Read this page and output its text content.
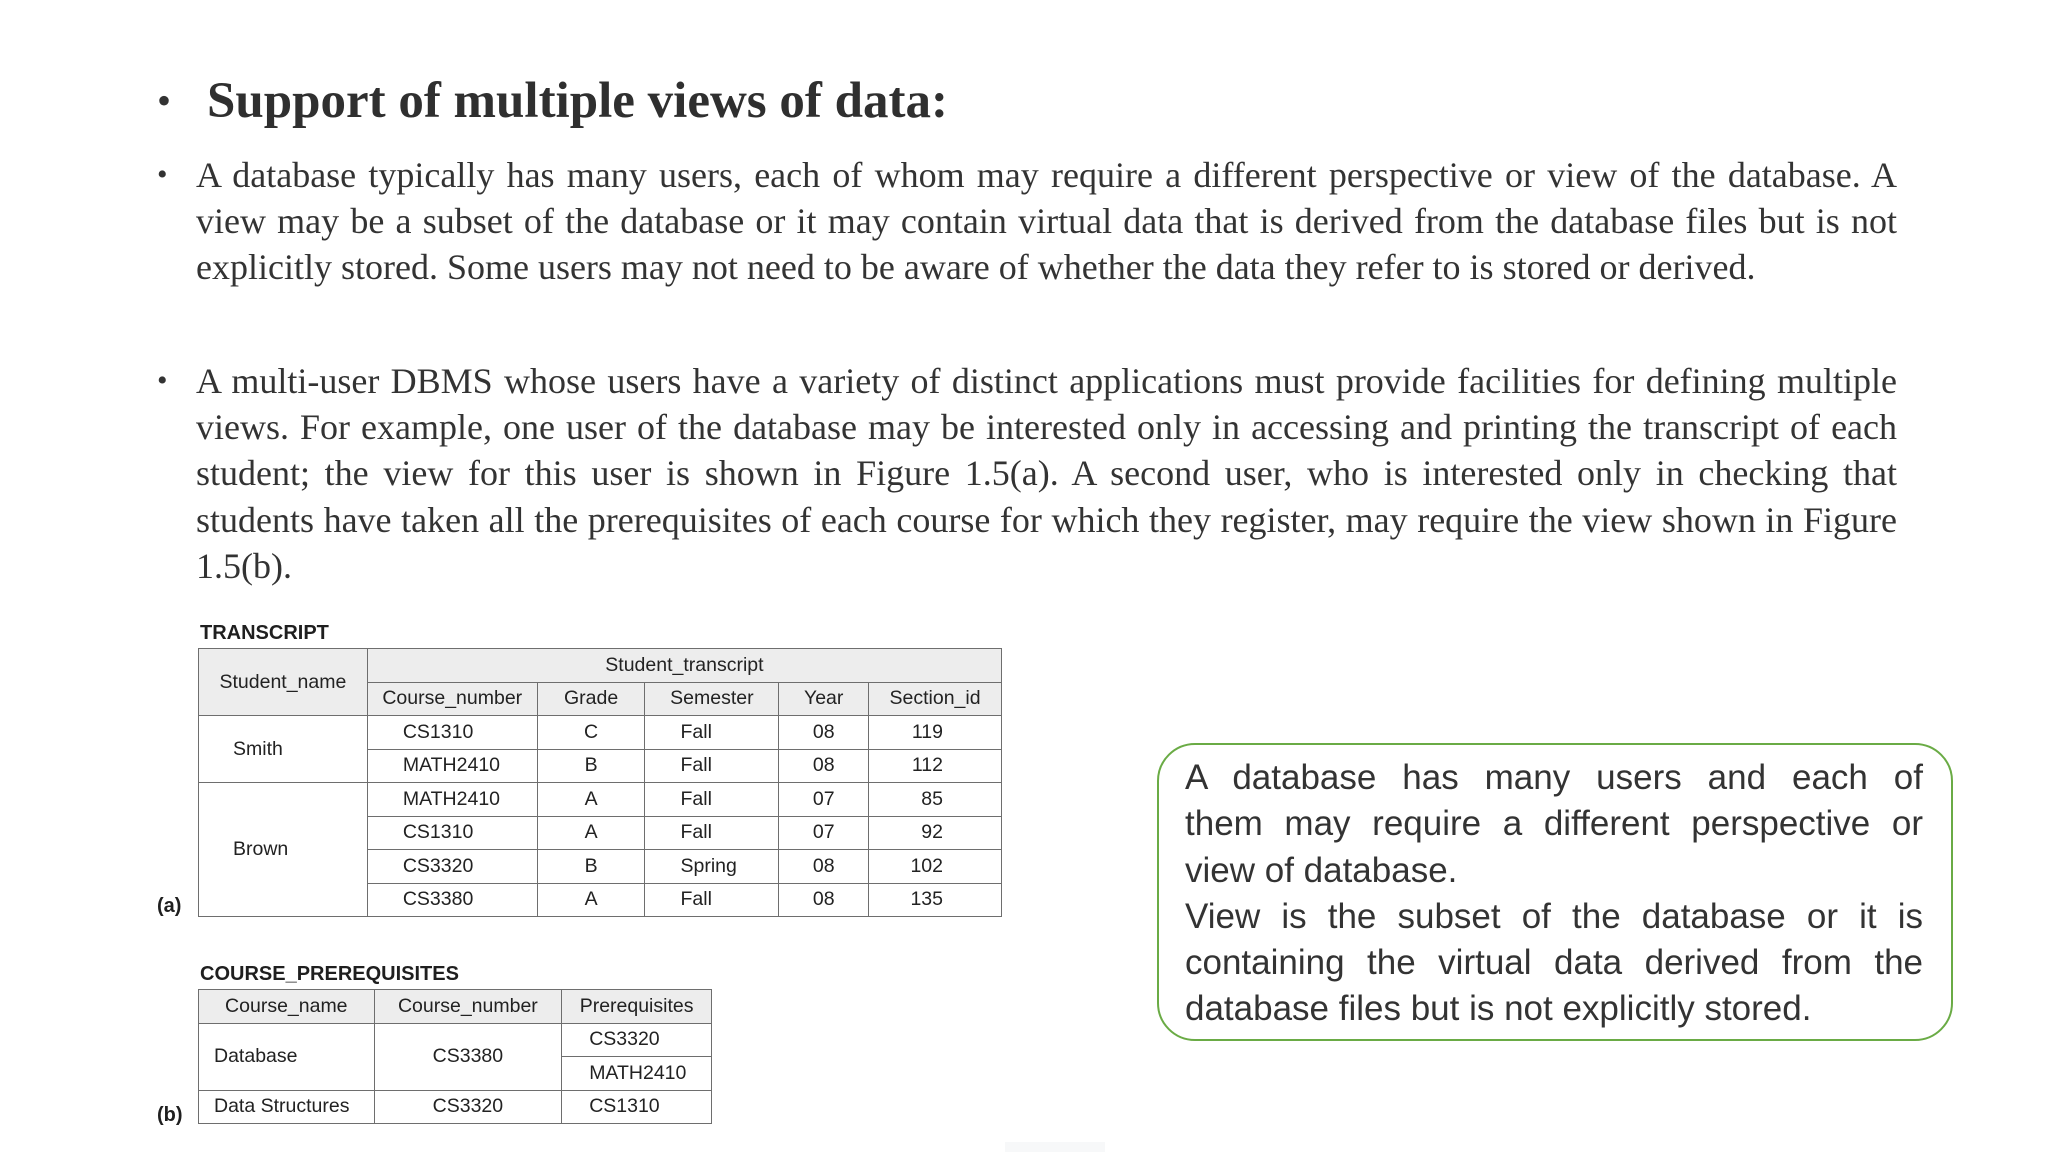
• Support of multiple views of data:
• A database typically has many users, each of whom may require a different perspective or view of the database. A view may be a subset of the database or it may contain virtual data that is derived from the database files but is not explicitly stored. Some users may not need to be aware of whether the data they refer to is stored or derived.
• A multi-user DBMS whose users have a variety of distinct applications must provide facilities for defining multiple views. For example, one user of the database may be interested only in accessing and printing the transcript of each student; the view for this user is shown in Figure 1.5(a). A second user, who is interested only in checking that students have taken all the prerequisites of each course for which they register, may require the view shown in Figure 1.5(b).
TRANSCRIPT
Student_name	Student_transcript				
	Course_number	Grade	Semester	Year	Section_id
Smith	CS1310	C	Fall	08	119
	MATH2410	B	Fall	08	112
Brown	MATH2410	A	Fall	07	85
	CS1310	A	Fall	07	92
	CS3320	B	Spring	08	102
	CS3380	A	Fall	08	135
(a)
COURSE_PREREQUISITES
Course_name	Course_number	Prerequisites
Database	CS3380	CS3320
		MATH2410
Data Structures	CS3320	CS1310
(b)
A database has many users and each of
them may require a different perspective or
view of database.
View is the subset of the database or it is
containing the virtual data derived from the
database files but is not explicitly stored.
